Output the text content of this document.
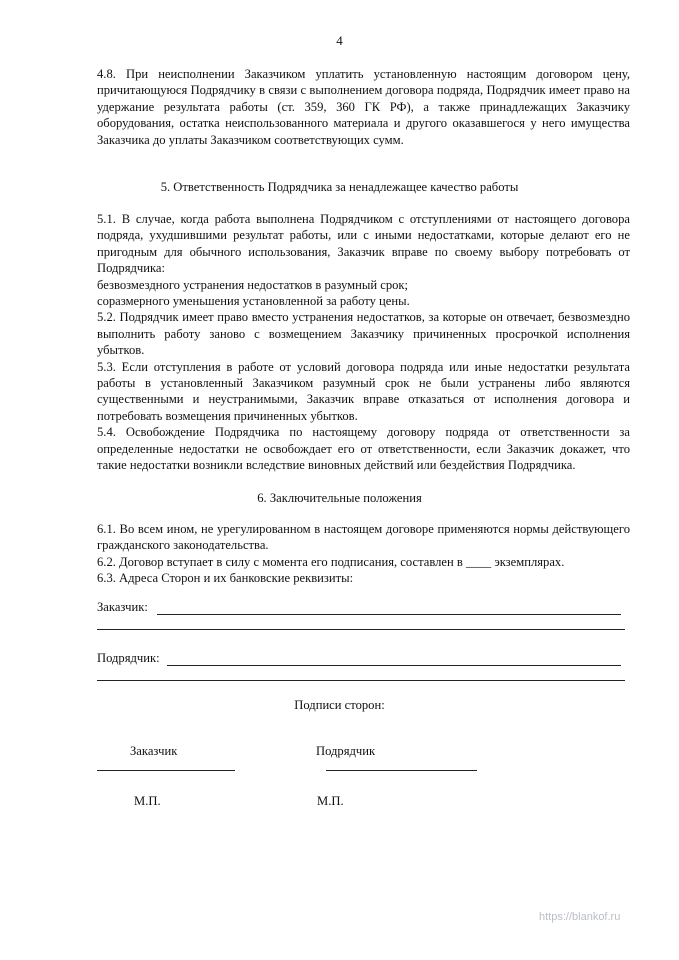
4
4.8. При неисполнении Заказчиком уплатить установленную настоящим договором цену, причитающуюся Подрядчику в связи с выполнением договора подряда, Подрядчик имеет право на удержание результата работы (ст. 359, 360 ГК РФ), а также принадлежащих Заказчику оборудования, остатка неиспользованного материала и другого оказавшегося у него имущества Заказчика до уплаты Заказчиком соответствующих сумм.
5. Ответственность Подрядчика за ненадлежащее качество работы
5.1. В случае, когда работа выполнена Подрядчиком с отступлениями от настоящего договора подряда, ухудшившими результат работы, или с иными недостатками, которые делают его не пригодным для обычного использования, Заказчик вправе по своему выбору потребовать от Подрядчика:
безвозмездного устранения недостатков в разумный срок;
соразмерного уменьшения установленной за работу цены.
5.2. Подрядчик имеет право вместо устранения недостатков, за которые он отвечает, безвозмездно выполнить работу заново с возмещением Заказчику причиненных просрочкой исполнения убытков.
5.3. Если отступления в работе от условий договора подряда или иные недостатки результата работы в установленный Заказчиком разумный срок не были устранены либо являются существенными и неустранимыми, Заказчик вправе отказаться от исполнения договора и потребовать возмещения причиненных убытков.
5.4. Освобождение Подрядчика по настоящему договору подряда от ответственности за определенные недостатки не освобождает его от ответственности, если Заказчик докажет, что такие недостатки возникли вследствие виновных действий или бездействия Подрядчика.
6. Заключительные положения
6.1. Во всем ином, не урегулированном в настоящем договоре применяются нормы действующего гражданского законодательства.
6.2. Договор вступает в силу с момента его подписания, составлен в ____ экземплярах.
6.3. Адреса Сторон и их банковские реквизиты:
Заказчик:
Подрядчик:
Подписи сторон:
Заказчик	Подрядчик
М.П.	М.П.
https://blankof.ru
